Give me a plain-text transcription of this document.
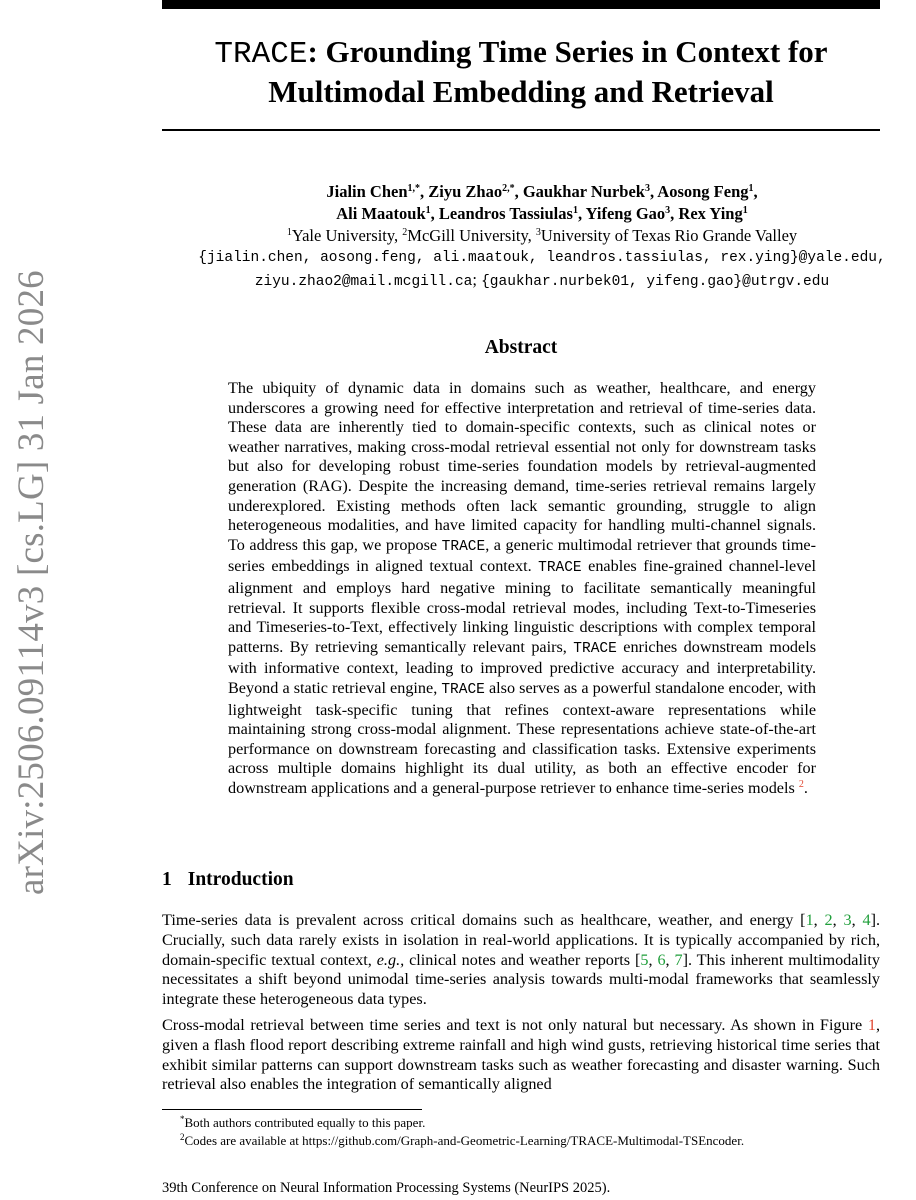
arXiv:2506.09114v3 [cs.LG] 31 Jan 2026
TRACE: Grounding Time Series in Context for
Multimodal Embedding and Retrieval
Jialin Chen$^{1,*}$, Ziyu Zhao$^{2,*}$, Gaukhar Nurbek$^3$, Aosong Feng$^1$,
Ali Maatouk$^1$, Leandros Tassiulas$^1$, Yifeng Gao$^3$, Rex Ying$^1$
$^1$Yale University, $^2$McGill University, $^3$University of Texas Rio Grande Valley
{jialin.chen, aosong.feng, ali.maatouk, leandros.tassiulas, rex.ying}@yale.edu,
ziyu.zhao2@mail.mcgill.ca; {gaukhar.nurbek01, yifeng.gao}@utrgv.edu
Abstract
The ubiquity of dynamic data in domains such as weather, healthcare, and energy underscores a growing need for effective interpretation and retrieval of time-series data. These data are inherently tied to domain-specific contexts, such as clinical notes or weather narratives, making cross-modal retrieval essential not only for downstream tasks but also for developing robust time-series foundation models by retrieval-augmented generation (RAG). Despite the increasing demand, time-series retrieval remains largely underexplored. Existing methods often lack semantic grounding, struggle to align heterogeneous modalities, and have limited capacity for handling multi-channel signals. To address this gap, we propose TRACE, a generic multimodal retriever that grounds time-series embeddings in aligned textual context. TRACE enables fine-grained channel-level alignment and employs hard negative mining to facilitate semantically meaningful retrieval. It supports flexible cross-modal retrieval modes, including Text-to-Timeseries and Timeseries-to-Text, effectively linking linguistic descriptions with complex temporal patterns. By retrieving semantically relevant pairs, TRACE enriches downstream models with informative context, leading to improved predictive accuracy and interpretability. Beyond a static retrieval engine, TRACE also serves as a powerful standalone encoder, with lightweight task-specific tuning that refines context-aware representations while maintaining strong cross-modal alignment. These representations achieve state-of-the-art performance on downstream forecasting and classification tasks. Extensive experiments across multiple domains highlight its dual utility, as both an effective encoder for downstream applications and a general-purpose retriever to enhance time-series models $^2$.
1 Introduction

Time-series data is prevalent across critical domains such as healthcare, weather, and energy [1, 2, 3, 4]. Crucially, such data rarely exists in isolation in real-world applications. It is typically accompanied by rich, domain-specific textual context, e.g., clinical notes and weather reports [5, 6, 7]. This inherent multimodality necessitates a shift beyond unimodal time-series analysis towards multi-modal frameworks that seamlessly integrate these heterogeneous data types.

Cross-modal retrieval between time series and text is not only natural but necessary. As shown in Figure 1, given a flash flood report describing extreme rainfall and high wind gusts, retrieving historical time series that exhibit similar patterns can support downstream tasks such as weather forecasting and disaster warning. Such retrieval also enables the integration of semantically aligned

*Both authors contributed equally to this paper.
$^2$Codes are available at https://github.com/Graph-and-Geometric-Learning/TRACE-Multimodal-TSEncoder.
39th Conference on Neural Information Processing Systems (NeurIPS 2025).
